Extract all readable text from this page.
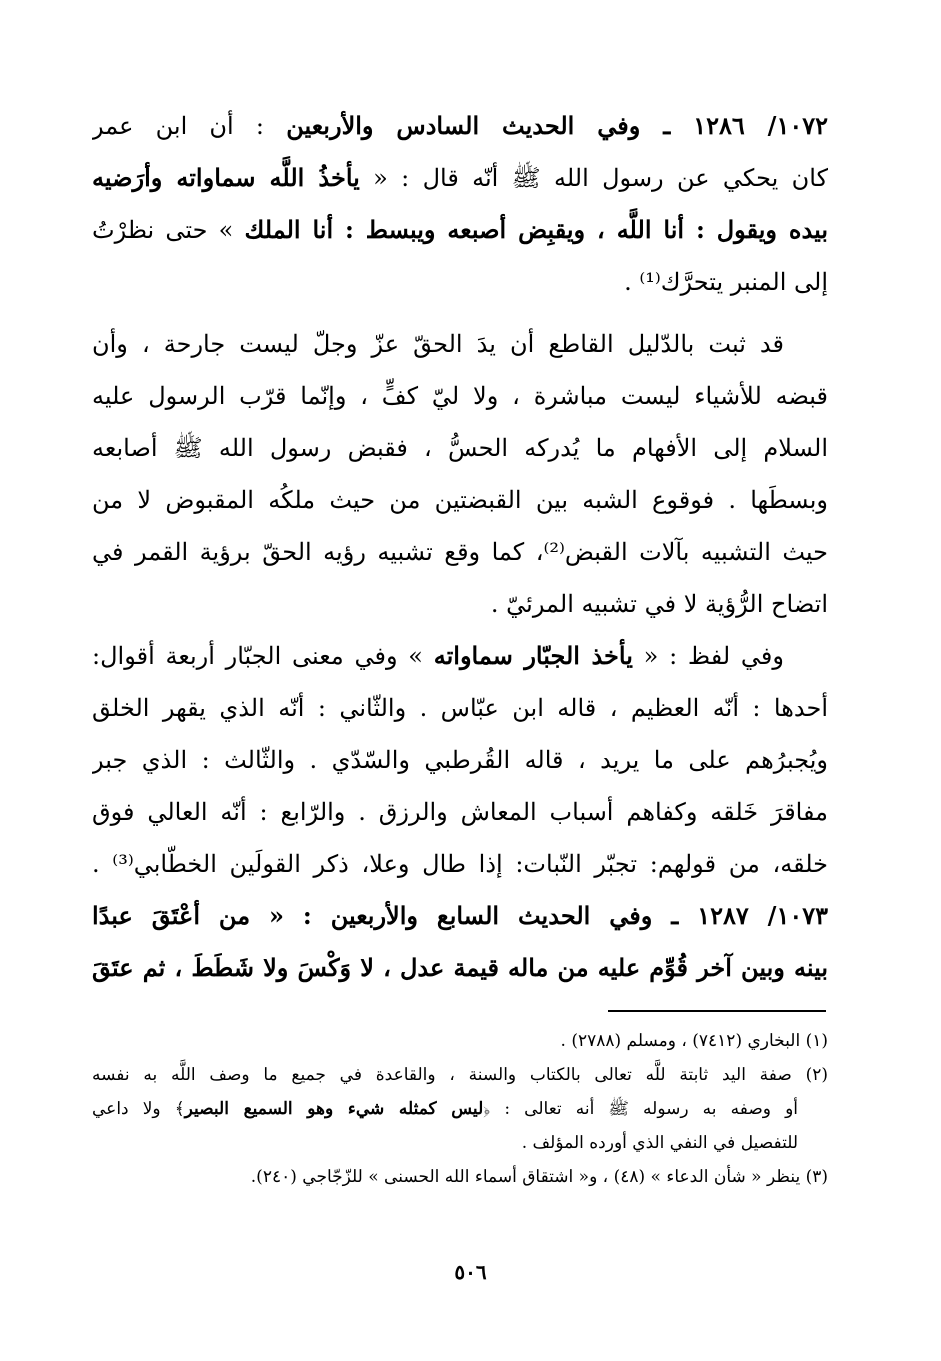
١٠٧٢/ ١٢٨٦ ـ وفي الحديث السادس والأربعين : أن ابن عمر
كان يحكي عن رسول الله ﷺ أنّه قال : « يأخذُ اللَّه سماواته وأرَضيه
بيده ويقول : أنا اللَّه ، ويقبِض أصبعه ويبسط : أنا الملك » حتى نظرْتُ
إلى المنبر يتحرَّك⁽¹⁾ .
قد ثبت بالدّليل القاطع أن يدَ الحقّ عزّ وجلّ ليست جارحة ، وأن
قبضه للأشياء ليست مباشرة ، ولا ليّ كفٍّ ، وإنّما قرّب الرسول عليه
السلام إلى الأفهام ما يُدركه الحسُّ ، فقبض رسول الله ﷺ أصابعه
وبسطَها . فوقوع الشبه بين القبضتين من حيث ملكُه المقبوض لا من
حيث التشبيه بآلات القبض⁽²⁾، كما وقع تشبيه رؤيه الحقّ برؤية القمر في
اتضاح الرُّؤية لا في تشبيه المرئيّ .
وفي لفظ : « يأخذ الجبّار سماواته » وفي معنى الجبّار أربعة أقوال:
أحدها : أنّه العظيم ، قاله ابن عبّاس . والثّاني : أنّه الذي يقهر الخلق
ويُجبرُهم على ما يريد ، قاله القُرطبي والسّدّي . والثّالث : الذي جبر
مفاقرَ خَلقه وكفاهم أسباب المعاش والرزق . والرّابع : أنّه العالي فوق
خلقه، من قولهم: تجبّر النّبات: إذا طال وعلا، ذكر القولَين الخطّابي⁽³⁾ .
١٠٧٣/ ١٢٨٧ ـ وفي الحديث السابع والأربعين : « من أعْتَقَ عبدًا
بينه وبين آخر قُوِّم عليه من ماله قيمة عدل ، لا وَكْسَ ولا شَطَطَ ، ثم عتَقَ
(١) البخاري (٧٤١٢) ، ومسلم (٢٧٨٨) .
(٢) صفة اليد ثابتة للَّه تعالى بالكتاب والسنة ، والقاعدة في جميع ما وصف اللَّه به نفسه
أو وصفه به رسوله ﷺ أنه تعالى : ﴿ليس كمثله شيء وهو السميع البصير﴾ ولا داعي
للتفصيل في النفي الذي أورده المؤلف .
(٣) ينظر « شأن الدعاء » (٤٨) ، و« اشتقاق أسماء الله الحسنى » للزّجّاجي (٢٤٠).
٥٠٦
